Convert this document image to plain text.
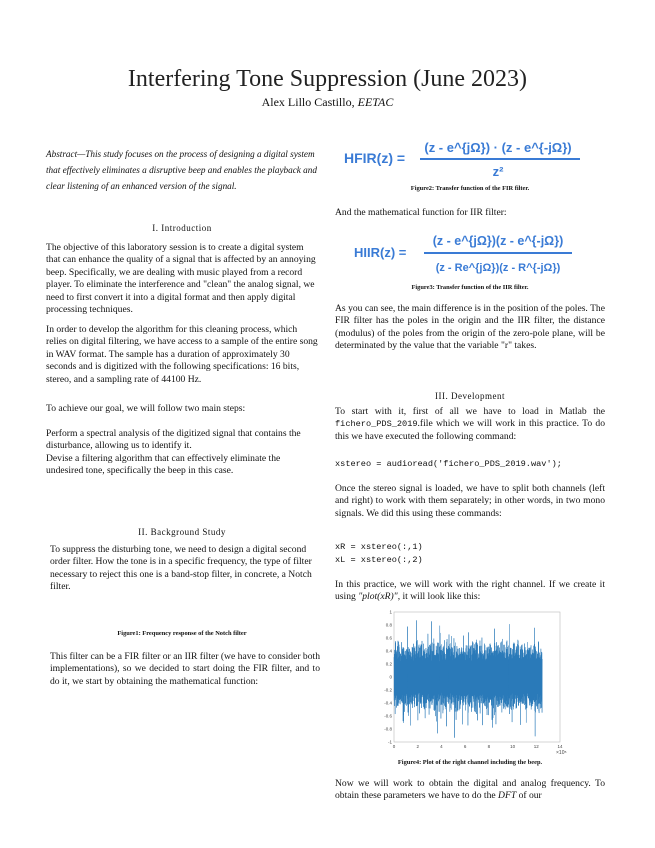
Interfering Tone Suppression (June 2023)
Alex Lillo Castillo, EETAC
Abstract—This study focuses on the process of designing a digital system that effectively eliminates a disruptive beep and enables the playback and clear listening of an enhanced version of the signal.
I. Introduction

The objective of this laboratory session is to create a digital system that can enhance the quality of a signal that is affected by an annoying beep. Specifically, we are dealing with music played from a record player. To eliminate the interference and "clean" the analog signal, we need to first convert it into a digital format and then apply digital processing techniques.

In order to develop the algorithm for this cleaning process, which relies on digital filtering, we have access to a sample of the entire song in WAV format. The sample has a duration of approximately 30 seconds and is digitized with the following specifications: 16 bits, stereo, and a sampling rate of 44100 Hz.

To achieve our goal, we will follow two main steps:

Perform a spectral analysis of the digitized signal that contains the disturbance, allowing us to identify it.

Devise a filtering algorithm that can effectively eliminate the undesired tone, specifically the beep in this case.

II. Background Study

To suppress the disturbing tone, we need to design a digital second order filter. How the tone is in a specific frequency, the type of filter necessary to reject this one is a band-stop filter, in concrete, a Notch filter.

Figure1: Frequency response of the Notch filter

This filter can be a FIR filter or an IIR filter (we have to consider both implementations), so we decided to start doing the FIR filter, and to do it, we start by obtaining the mathematical function:

HFIR(z) =
(z - e^{jΩ}) · (z - e^{-jΩ})
z²
Figure2: Transfer function of the FIR filter.

And the mathematical function for IIR filter:

HIIR(z) =
(z - e^{jΩ})(z - e^{-jΩ})
(z - Re^{jΩ})(z - R^{-jΩ})
Figure3: Transfer function of the IIR filter.

As you can see, the main difference is in the position of the poles. The FIR filter has the poles in the origin and the IIR filter, the distance (modulus) of the poles from the origin of the zero-pole plane, will be determinated by the value that the variable "r" takes.

III. Development

To start with it, first of all we have to load in Matlab the fichero_PDS_2019.file which we will work in this practice. To do this we have executed the following command:

xstereo = audioread('fichero_PDS_2019.wav');

Once the stereo signal is loaded, we have to split both channels (left and right) to work with them separately; in other words, in two mono signals. We did this using these commands:

xR = xstereo(:,1)
xL = xstereo(:,2)

In this practice, we will work with the right channel. If we create it using "plot(xR)", it will look like this:

1
0.8
0.6
0.4
0.2
0
-0.2
-0.4
-0.6
-0.8
-1
0	2	4	6	8	10	12	14
×10⁵
Figure4: Plot of the right channel including the beep.

Now we will work to obtain the digital and analog frequency. To obtain these parameters we have to do the DFT of our
